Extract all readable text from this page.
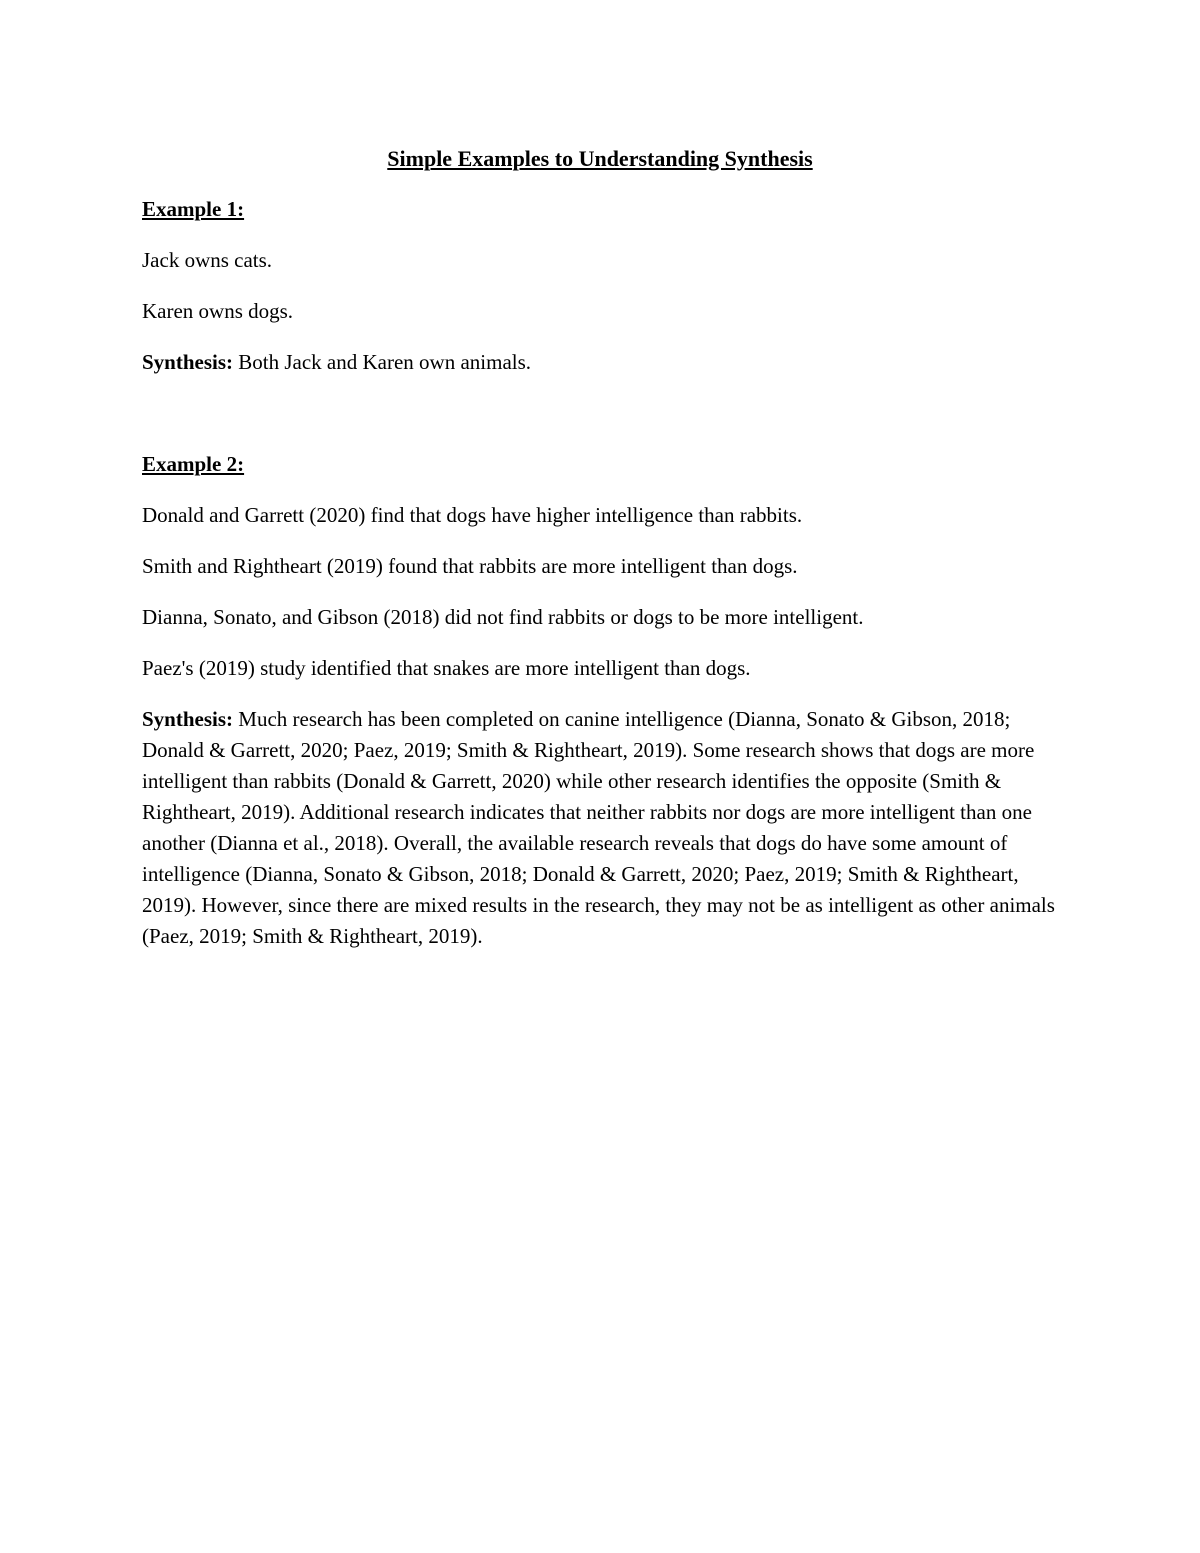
Simple Examples to Understanding Synthesis
Example 1:
Jack owns cats.
Karen owns dogs.
Synthesis: Both Jack and Karen own animals.
Example 2:
Donald and Garrett (2020) find that dogs have higher intelligence than rabbits.
Smith and Rightheart (2019) found that rabbits are more intelligent than dogs.
Dianna, Sonato, and Gibson (2018) did not find rabbits or dogs to be more intelligent.
Paez's (2019) study identified that snakes are more intelligent than dogs.
Synthesis: Much research has been completed on canine intelligence (Dianna, Sonato & Gibson, 2018; Donald & Garrett, 2020; Paez, 2019; Smith & Rightheart, 2019). Some research shows that dogs are more intelligent than rabbits (Donald & Garrett, 2020) while other research identifies the opposite (Smith & Rightheart, 2019). Additional research indicates that neither rabbits nor dogs are more intelligent than one another (Dianna et al., 2018). Overall, the available research reveals that dogs do have some amount of intelligence (Dianna, Sonato & Gibson, 2018; Donald & Garrett, 2020; Paez, 2019; Smith & Rightheart, 2019). However, since there are mixed results in the research, they may not be as intelligent as other animals (Paez, 2019; Smith & Rightheart, 2019).
